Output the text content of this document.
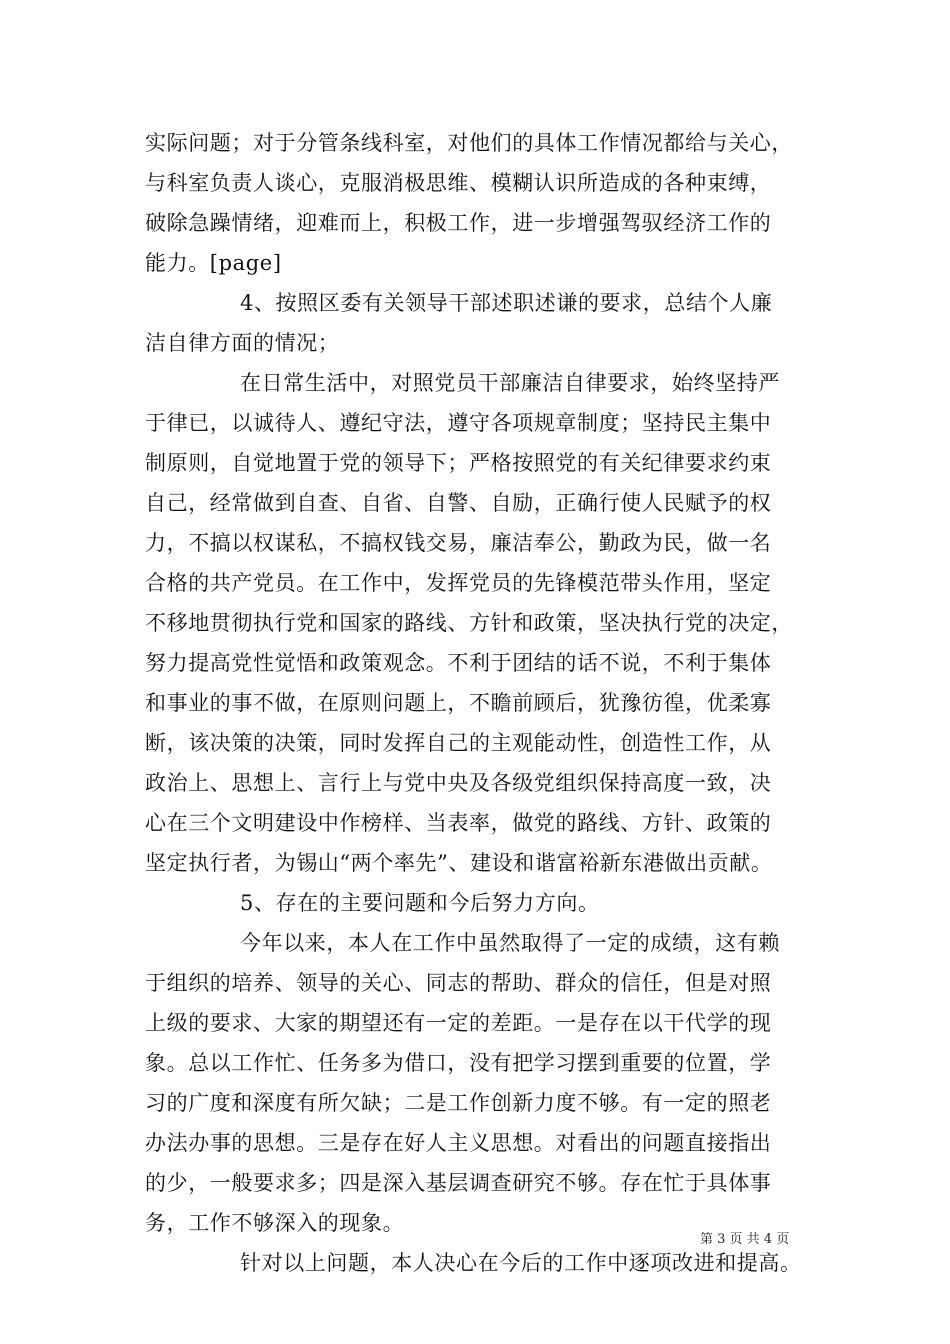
实际问题；对于分管条线科室，对他们的具体工作情况都给与关心，
与科室负责人谈心，克服消极思维、模糊认识所造成的各种束缚，
破除急躁情绪，迎难而上，积极工作，进一步增强驾驭经济工作的
能力。[page]
4、按照区委有关领导干部述职述谦的要求，总结个人廉
洁自律方面的情况；
在日常生活中，对照党员干部廉洁自律要求，始终坚持严
于律已，以诚待人、遵纪守法，遵守各项规章制度；坚持民主集中
制原则，自觉地置于党的领导下；严格按照党的有关纪律要求约束
自己，经常做到自查、自省、自警、自励，正确行使人民赋予的权
力，不搞以权谋私，不搞权钱交易，廉洁奉公，勤政为民，做一名
合格的共产党员。在工作中，发挥党员的先锋模范带头作用，坚定
不移地贯彻执行党和国家的路线、方针和政策，坚决执行党的决定，
努力提高党性觉悟和政策观念。不利于团结的话不说，不利于集体
和事业的事不做，在原则问题上，不瞻前顾后，犹豫彷徨，优柔寡
断，该决策的决策，同时发挥自己的主观能动性，创造性工作，从
政治上、思想上、言行上与党中央及各级党组织保持高度一致，决
心在三个文明建设中作榜样、当表率，做党的路线、方针、政策的
坚定执行者，为锡山“两个率先”、建设和谐富裕新东港做出贡献。
5、存在的主要问题和今后努力方向。
今年以来，本人在工作中虽然取得了一定的成绩，这有赖
于组织的培养、领导的关心、同志的帮助、群众的信任，但是对照
上级的要求、大家的期望还有一定的差距。一是存在以干代学的现
象。总以工作忙、任务多为借口，没有把学习摆到重要的位置，学
习的广度和深度有所欠缺；二是工作创新力度不够。有一定的照老
办法办事的思想。三是存在好人主义思想。对看出的问题直接指出
的少，一般要求多；四是深入基层调查研究不够。存在忙于具体事
务，工作不够深入的现象。
针对以上问题，本人决心在今后的工作中逐项改进和提高。
第 3 页 共 4 页
